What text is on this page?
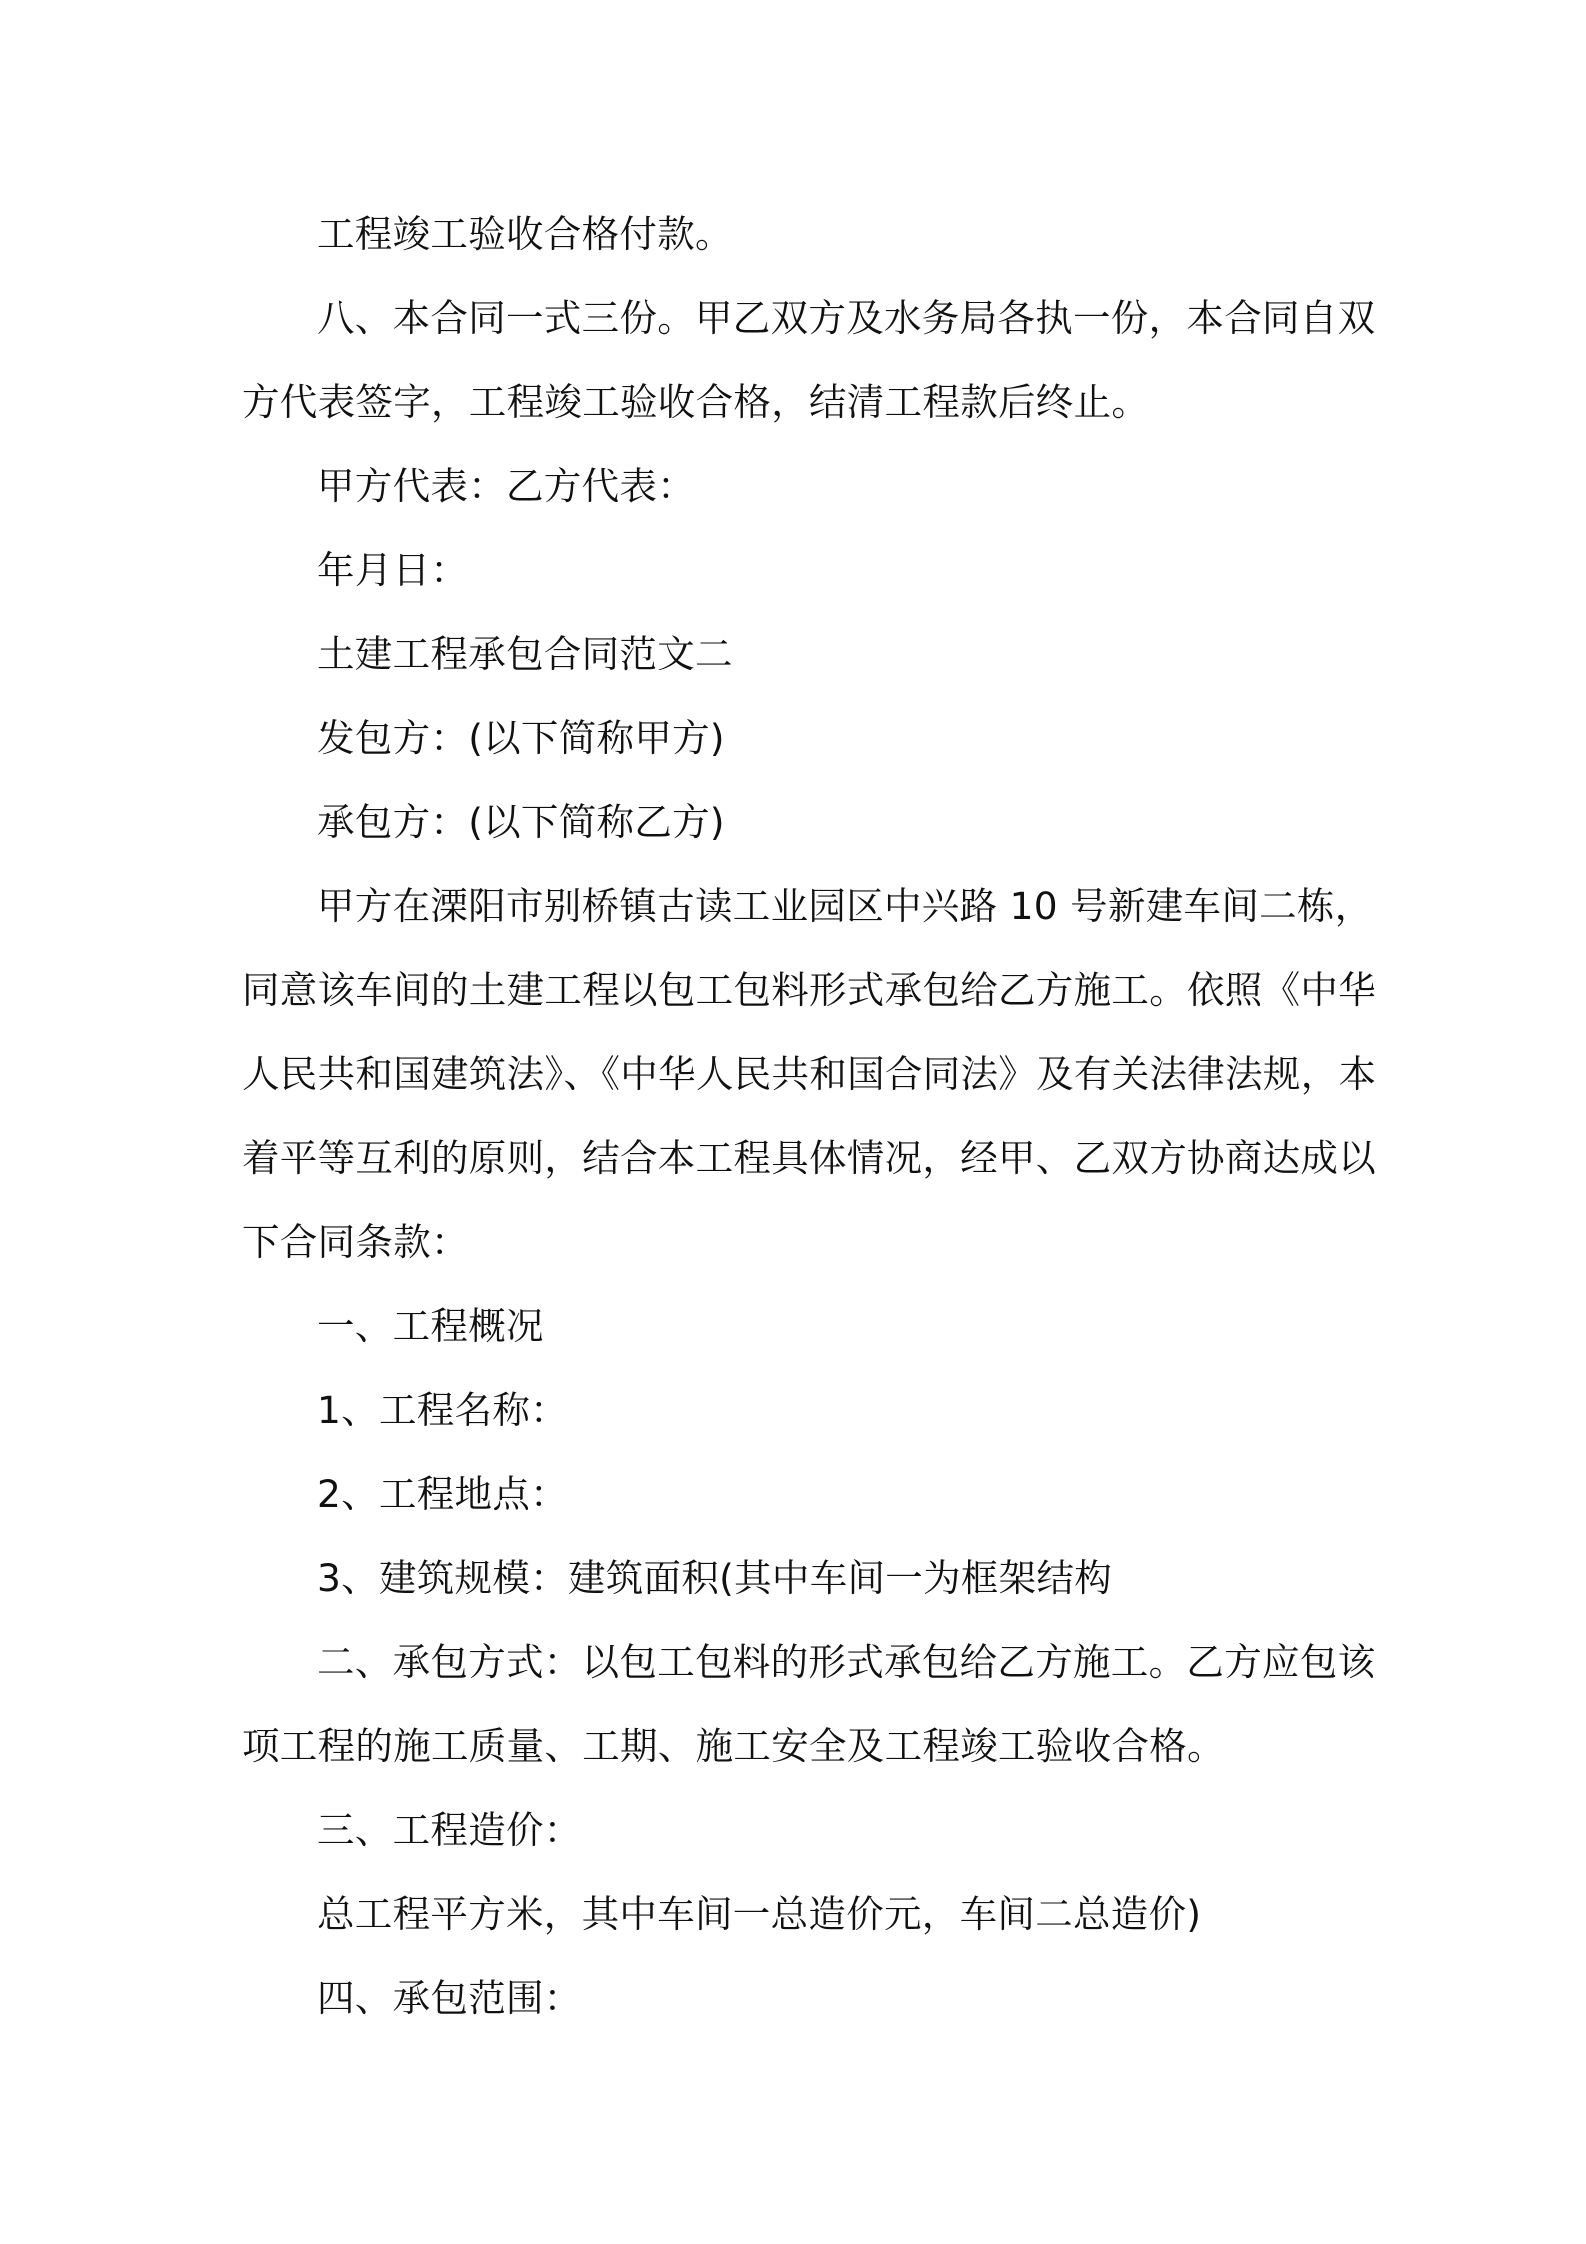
工程竣工验收合格付款。

八、本合同一式三份。甲乙双方及水务局各执一份，本合同自双

方代表签字，工程竣工验收合格，结清工程款后终止。

甲方代表：乙方代表：

年月日：

土建工程承包合同范文二

发包方：(以下简称甲方)

承包方：(以下简称乙方)

甲方在溧阳市别桥镇古读工业园区中兴路 10 号新建车间二栋，

同意该车间的土建工程以包工包料形式承包给乙方施工。依照《中华

人民共和国建筑法》、《中华人民共和国合同法》及有关法律法规，本

着平等互利的原则，结合本工程具体情况，经甲、乙双方协商达成以

下合同条款：

一、工程概况

1、工程名称：

2、工程地点：

3、建筑规模：建筑面积(其中车间一为框架结构

二、承包方式：以包工包料的形式承包给乙方施工。乙方应包该

项工程的施工质量、工期、施工安全及工程竣工验收合格。

三、工程造价：

总工程平方米，其中车间一总造价元，车间二总造价)

四、承包范围：
